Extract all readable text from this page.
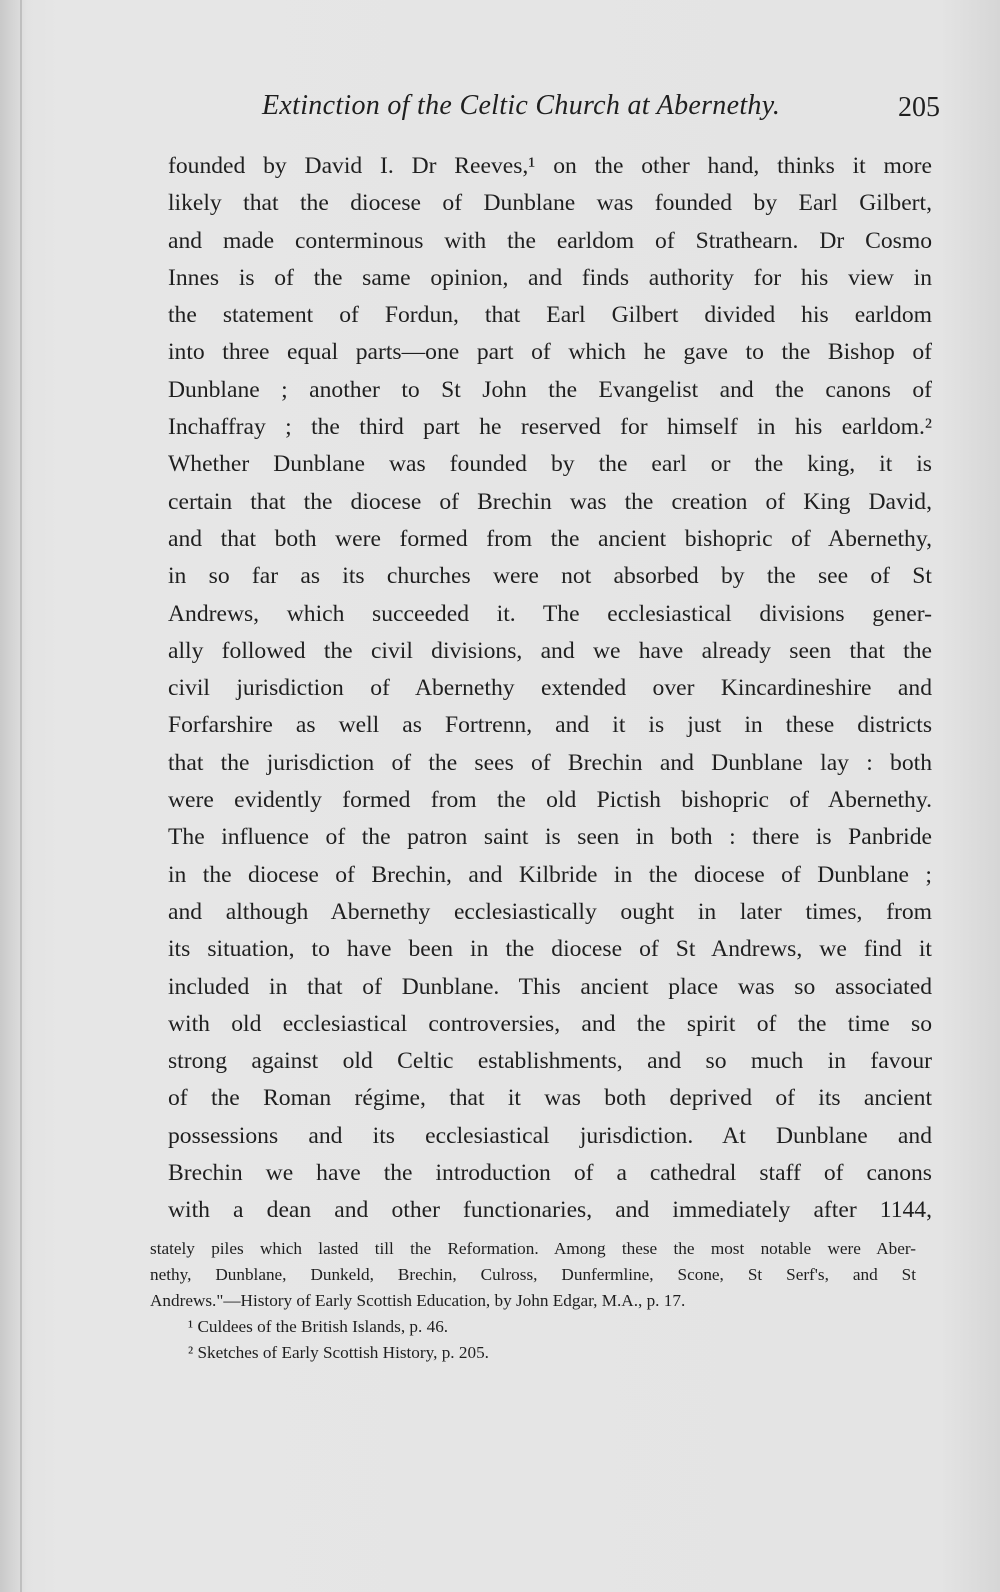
Extinction of the Celtic Church at Abernethy.	205
founded by David I. Dr Reeves,¹ on the other hand, thinks it more
likely that the diocese of Dunblane was founded by Earl Gilbert,
and made conterminous with the earldom of Strathearn. Dr Cosmo
Innes is of the same opinion, and finds authority for his view in
the statement of Fordun, that Earl Gilbert divided his earldom
into three equal parts—one part of which he gave to the Bishop of
Dunblane ; another to St John the Evangelist and the canons of
Inchaffray ; the third part he reserved for himself in his earldom.²
Whether Dunblane was founded by the earl or the king, it is
certain that the diocese of Brechin was the creation of King David,
and that both were formed from the ancient bishopric of Abernethy,
in so far as its churches were not absorbed by the see of St
Andrews, which succeeded it. The ecclesiastical divisions gener-
ally followed the civil divisions, and we have already seen that the
civil jurisdiction of Abernethy extended over Kincardineshire and
Forfarshire as well as Fortrenn, and it is just in these districts
that the jurisdiction of the sees of Brechin and Dunblane lay : both
were evidently formed from the old Pictish bishopric of Abernethy.
The influence of the patron saint is seen in both : there is Panbride
in the diocese of Brechin, and Kilbride in the diocese of Dunblane ;
and although Abernethy ecclesiastically ought in later times, from
its situation, to have been in the diocese of St Andrews, we find it
included in that of Dunblane. This ancient place was so associated
with old ecclesiastical controversies, and the spirit of the time so
strong against old Celtic establishments, and so much in favour
of the Roman régime, that it was both deprived of its ancient
possessions and its ecclesiastical jurisdiction. At Dunblane and
Brechin we have the introduction of a cathedral staff of canons
with a dean and other functionaries, and immediately after 1144,
stately piles which lasted till the Reformation. Among these the most notable were Aber-
nethy, Dunblane, Dunkeld, Brechin, Culross, Dunfermline, Scone, St Serf's, and St
Andrews."—History of Early Scottish Education, by John Edgar, M.A., p. 17.
¹ Culdees of the British Islands, p. 46.
² Sketches of Early Scottish History, p. 205.
